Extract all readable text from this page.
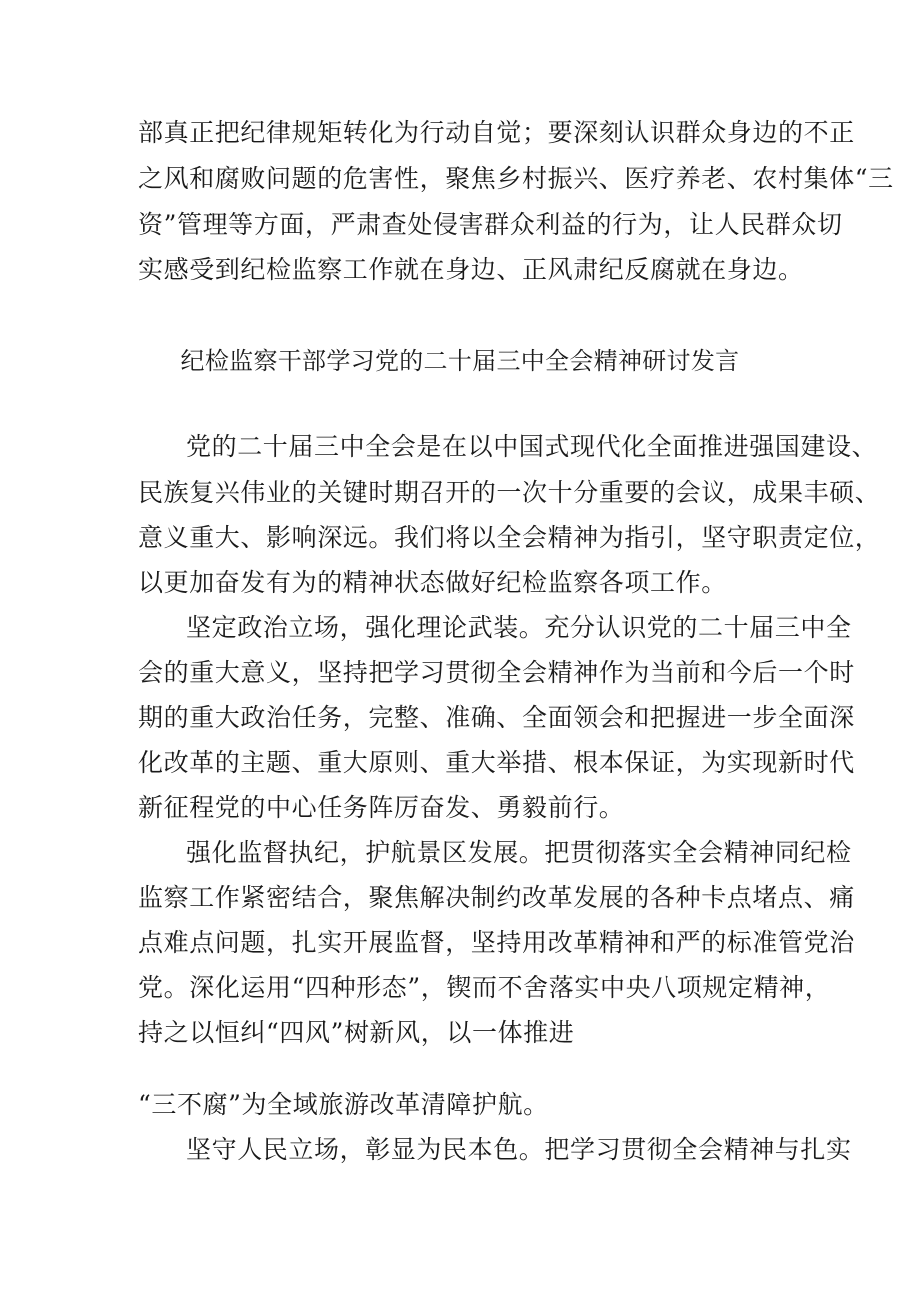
部真正把纪律规矩转化为行动自觉；要深刻认识群众身边的不正
之风和腐败问题的危害性，聚焦乡村振兴、医疗养老、农村集体“三
资”管理等方面，严肃查处侵害群众利益的行为，让人民群众切
实感受到纪检监察工作就在身边、正风肃纪反腐就在身边。
纪检监察干部学习党的二十届三中全会精神研讨发言
党的二十届三中全会是在以中国式现代化全面推进强国建设、
民族复兴伟业的关键时期召开的一次十分重要的会议，成果丰硕、
意义重大、影响深远。我们将以全会精神为指引，坚守职责定位，
以更加奋发有为的精神状态做好纪检监察各项工作。
坚定政治立场，强化理论武装。充分认识党的二十届三中全
会的重大意义，坚持把学习贯彻全会精神作为当前和今后一个时
期的重大政治任务，完整、准确、全面领会和把握进一步全面深
化改革的主题、重大原则、重大举措、根本保证，为实现新时代
新征程党的中心任务阵厉奋发、勇毅前行。
强化监督执纪，护航景区发展。把贯彻落实全会精神同纪检
监察工作紧密结合，聚焦解决制约改革发展的各种卡点堵点、痛
点难点问题，扎实开展监督，坚持用改革精神和严的标准管党治
党。深化运用“四种形态”，锲而不舍落实中央八项规定精神，
持之以恒纠“四风”树新风，以一体推进
“三不腐”为全域旅游改革清障护航。
坚守人民立场，彰显为民本色。把学习贯彻全会精神与扎实
